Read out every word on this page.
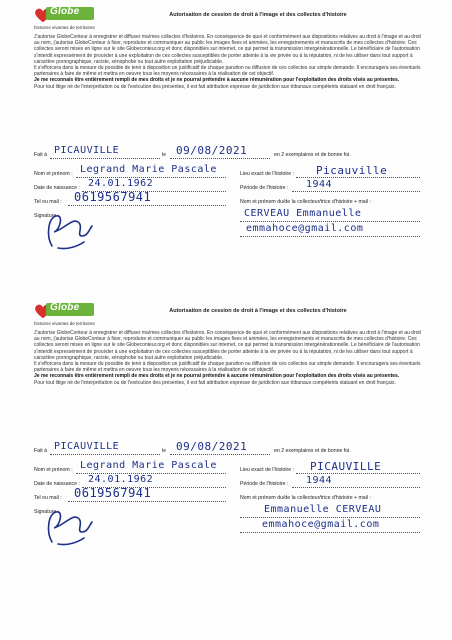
Globe
histoires vivantes de territoires
Autorisation de cession de droit à l'image et des collectes d'histoire

J'autorise GlobeConteur à enregistrer et diffuser ma/mes collectes d'histoires. En conséquence de quoi et conformément aux dispositions relatives au droit à l'image et au droit au nom, j'autorise GlobeConteur à fixer, reproduire et communiquer au public les images fixes et animées, les enregistrements et manuscrits de mes collectes d'histoire. Ces collectes seront mises en ligne sur le site Globeconteur.org et donc disponibles sur internet, ce qui permet la transmission intergénérationnelle. Le bénéficiaire de l'autorisation s'interdit expressément de procéder à une exploitation de ces collectes susceptibles de porter atteinte à la vie privée ou à la réputation, ni de les utiliser dans tout support à caractère pornographique, raciste, xénophobe ou tout autre exploitation préjudiciable.

Il s'efforcera dans la mesure du possible de tenir à disposition un justificatif de chaque parution ou diffusion de ces collectes sur simple demande. Il encouragera ses éventuels partenaires à faire de même et mettra en oeuvre tous les moyens nécessaires à la réalisation de cet objectif.

Je me reconnais être entièrement rempli de mes droits et je ne pourrai prétendre à aucune rémunération pour l'exploitation des droits visés au présentes.

Pour tout litige né de l'interprétation ou de l'exécution des présentes, il est fait attribution expresse de juridiction aux tribunaux compétents statuant en droit français.

Fait à PICAUVILLE	le 09/08/2021	en 2 exemplaires et de bonne foi.
Nom et prénom : Legrand Marie Pascale
Date de naissance : 24.01.1962
Tel ou mail : 0619567941
Signature :
Lieu exact de l'histoire : Picauville
Période de l'histoire : 1944
Nom et prénom du/de la collecteur/trice d'histoire + mail :
CERVEAU Emmanuelle
emmahoce@gmail.com
Globe
histoires vivantes de territoires
Autorisation de cession de droit à l'image et des collectes d'histoire

J'autorise GlobeConteur à enregistrer et diffuser ma/mes collectes d'histoires. En conséquence de quoi et conformément aux dispositions relatives au droit à l'image et au droit au nom, j'autorise GlobeConteur à fixer, reproduire et communiquer au public les images fixes et animées, les enregistrements et manuscrits de mes collectes d'histoire. Ces collectes seront mises en ligne sur le site Globeconteur.org et donc disponibles sur internet, ce qui permet la transmission intergénérationnelle. Le bénéficiaire de l'autorisation s'interdit expressément de procéder à une exploitation de ces collectes susceptibles de porter atteinte à la vie privée ou à la réputation, ni de les utiliser dans tout support à caractère pornographique, raciste, xénophobe ou tout autre exploitation préjudiciable.

Il s'efforcera dans la mesure du possible de tenir à disposition un justificatif de chaque parution ou diffusion de ces collectes sur simple demande. Il encouragera ses éventuels partenaires à faire de même et mettra en oeuvre tous les moyens nécessaires à la réalisation de cet objectif.

Je me reconnais être entièrement rempli de mes droits et je ne pourrai prétendre à aucune rémunération pour l'exploitation des droits visés au présentes.

Pour tout litige né de l'interprétation ou de l'exécution des présentes, il est fait attribution expresse de juridiction aux tribunaux compétents statuant en droit français.

Fait à PICAUVILLE	le 09/08/2021	en 2 exemplaires et de bonne foi.
Nom et prénom : Legrand Marie Pascale
Date de naissance : 24.01.1962
Tel ou mail : 0619567941
Signature :
Lieu exact de l'histoire : PICAUVILLE
Période de l'histoire : 1944
Nom et prénom du/de la collecteur/trice d'histoire + mail :
Emmanuelle CERVEAU
emmahoce@gmail.com
